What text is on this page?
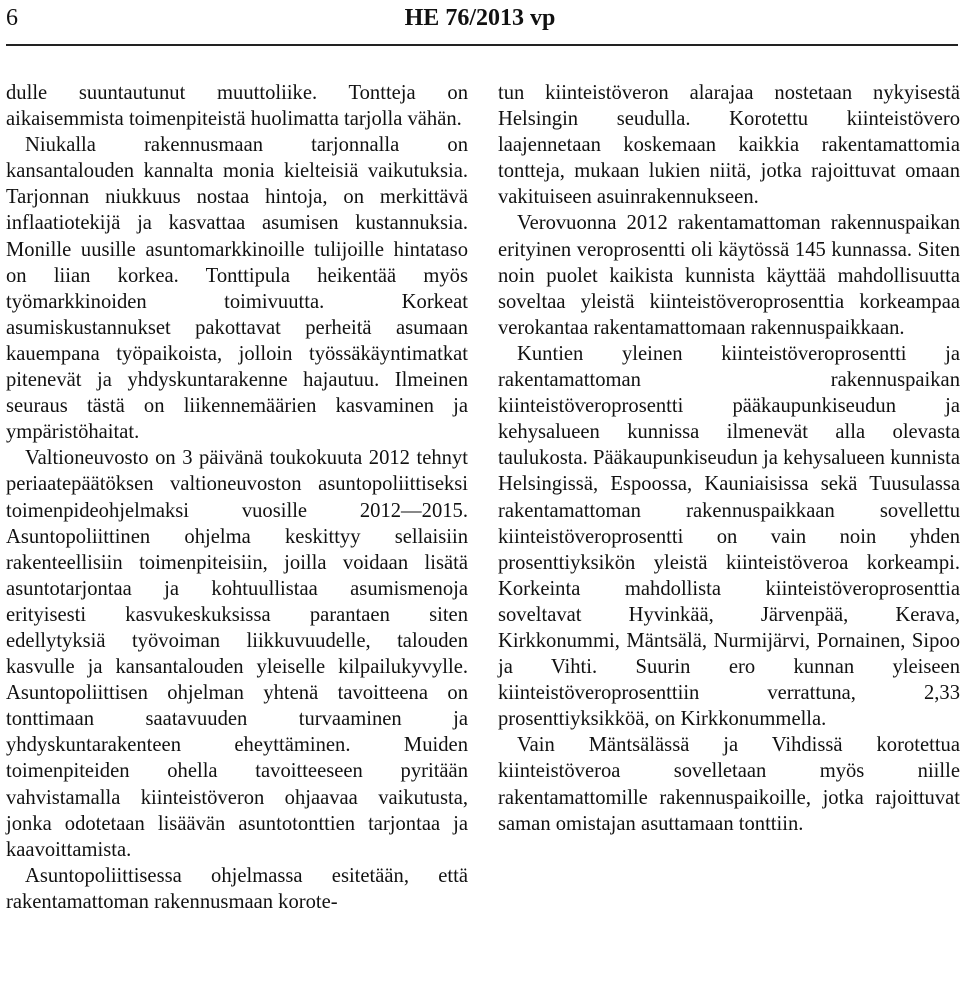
6	HE 76/2013 vp
dulle suuntautunut muuttoliike. Tontteja on aikaisemmista toimenpiteistä huolimatta tarjolla vähän.
Niukalla rakennusmaan tarjonnalla on kansantalouden kannalta monia kielteisiä vaikutuksia. Tarjonnan niukkuus nostaa hintoja, on merkittävä inflaatiotekijä ja kasvattaa asumisen kustannuksia. Monille uusille asuntomarkkinoille tulijoille hintataso on liian korkea. Tonttipula heikentää myös työmarkkinoiden toimivuutta. Korkeat asumiskustannukset pakottavat perheitä asumaan kauempana työpaikoista, jolloin työssäkäyntimatkat pitenevät ja yhdyskuntarakenne hajautuu. Ilmeinen seuraus tästä on liikennemäärien kasvaminen ja ympäristöhaitat.
Valtioneuvosto on 3 päivänä toukokuuta 2012 tehnyt periaatepäätöksen valtioneuvoston asuntopoliittiseksi toimenpideohjelmaksi vuosille 2012—2015. Asuntopoliittinen ohjelma keskittyy sellaisiin rakenteellisiin toimenpiteisiin, joilla voidaan lisätä asuntotarjontaa ja kohtuullistaa asumismenoja erityisesti kasvukeskuksissa parantaen siten edellytyksiä työvoiman liikkuvuudelle, talouden kasvulle ja kansantalouden yleiselle kilpailukyvylle. Asuntopoliittisen ohjelman yhtenä tavoitteena on tonttimaan saatavuuden turvaaminen ja yhdyskuntarakenteen eheyttäminen. Muiden toimenpiteiden ohella tavoitteeseen pyritään vahvistamalla kiinteistöveron ohjaavaa vaikutusta, jonka odotetaan lisäävän asuntotonttien tarjontaa ja kaavoittamista.
Asuntopoliittisessa ohjelmassa esitetään, että rakentamattoman rakennusmaan korote-
tun kiinteistöveron alarajaa nostetaan nykyisestä Helsingin seudulla. Korotettu kiinteistövero laajennetaan koskemaan kaikkia rakentamattomia tontteja, mukaan lukien niitä, jotka rajoittuvat omaan vakituiseen asuinrakennukseen.
Verovuonna 2012 rakentamattoman rakennuspaikan erityinen veroprosentti oli käytössä 145 kunnassa. Siten noin puolet kaikista kunnista käyttää mahdollisuutta soveltaa yleistä kiinteistöveroprosenttia korkeampaa verokantaa rakentamattomaan rakennuspaikkaan.
Kuntien yleinen kiinteistöveroprosentti ja rakentamattoman rakennuspaikan kiinteistöveroprosentti pääkaupunkiseudun ja kehysalueen kunnissa ilmenevät alla olevasta taulukosta. Pääkaupunkiseudun ja kehysalueen kunnista Helsingissä, Espoossa, Kauniaisissa sekä Tuusulassa rakentamattoman rakennuspaikkaan sovellettu kiinteistöveroprosentti on vain noin yhden prosenttiyksikön yleistä kiinteistöveroa korkeampi. Korkeinta mahdollista kiinteistöveroprosenttia soveltavat Hyvinkää, Järvenpää, Kerava, Kirkkonummi, Mäntsälä, Nurmijärvi, Pornainen, Sipoo ja Vihti. Suurin ero kunnan yleiseen kiinteistöveroprosenttiin verrattuna, 2,33 prosenttiyksikköä, on Kirkkonummella.
Vain Mäntsälässä ja Vihdissä korotettua kiinteistöveroa sovelletaan myös niille rakentamattomille rakennuspaikoille, jotka rajoittuvat saman omistajan asuttamaan tonttiin.
